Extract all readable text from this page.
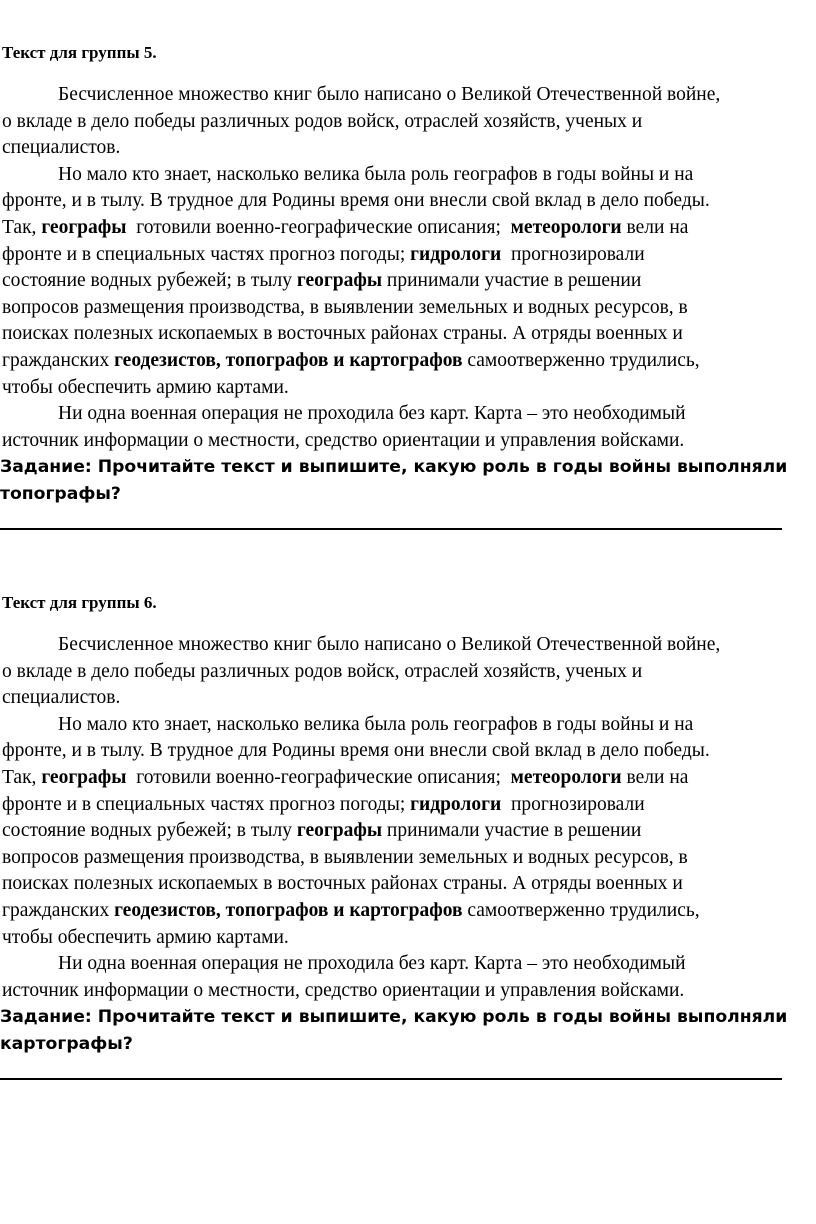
Текст для группы 5.

Бесчисленное множество книг было написано о Великой Отечественной войне,
о вкладе в дело победы различных родов войск, отраслей хозяйств, ученых и
специалистов.

Но мало кто знает, насколько велика была роль географов в годы войны и на
фронте, и в тылу. В трудное для Родины время они внесли свой вклад в дело победы.
Так, географы  готовили военно-географические описания;  метеорологи вели на
фронте и в специальных частях прогноз погоды; гидрологи  прогнозировали
состояние водных рубежей; в тылу географы принимали участие в решении
вопросов размещения производства, в выявлении земельных и водных ресурсов, в
поисках полезных ископаемых в восточных районах страны. А отряды военных и
гражданских геодезистов, топографов и картографов самоотверженно трудились,
чтобы обеспечить армию картами.

Ни одна военная операция не проходила без карт. Карта – это необходимый
источник информации о местности, средство ориентации и управления войсками.

Задание: Прочитайте текст и выпишите, какую роль в годы войны выполняли
топографы?

Текст для группы 6.

Бесчисленное множество книг было написано о Великой Отечественной войне,
о вкладе в дело победы различных родов войск, отраслей хозяйств, ученых и
специалистов.

Но мало кто знает, насколько велика была роль географов в годы войны и на
фронте, и в тылу. В трудное для Родины время они внесли свой вклад в дело победы.
Так, географы  готовили военно-географические описания;  метеорологи вели на
фронте и в специальных частях прогноз погоды; гидрологи  прогнозировали
состояние водных рубежей; в тылу географы принимали участие в решении
вопросов размещения производства, в выявлении земельных и водных ресурсов, в
поисках полезных ископаемых в восточных районах страны. А отряды военных и
гражданских геодезистов, топографов и картографов самоотверженно трудились,
чтобы обеспечить армию картами.

Ни одна военная операция не проходила без карт. Карта – это необходимый
источник информации о местности, средство ориентации и управления войсками.

Задание: Прочитайте текст и выпишите, какую роль в годы войны выполняли
картографы?
